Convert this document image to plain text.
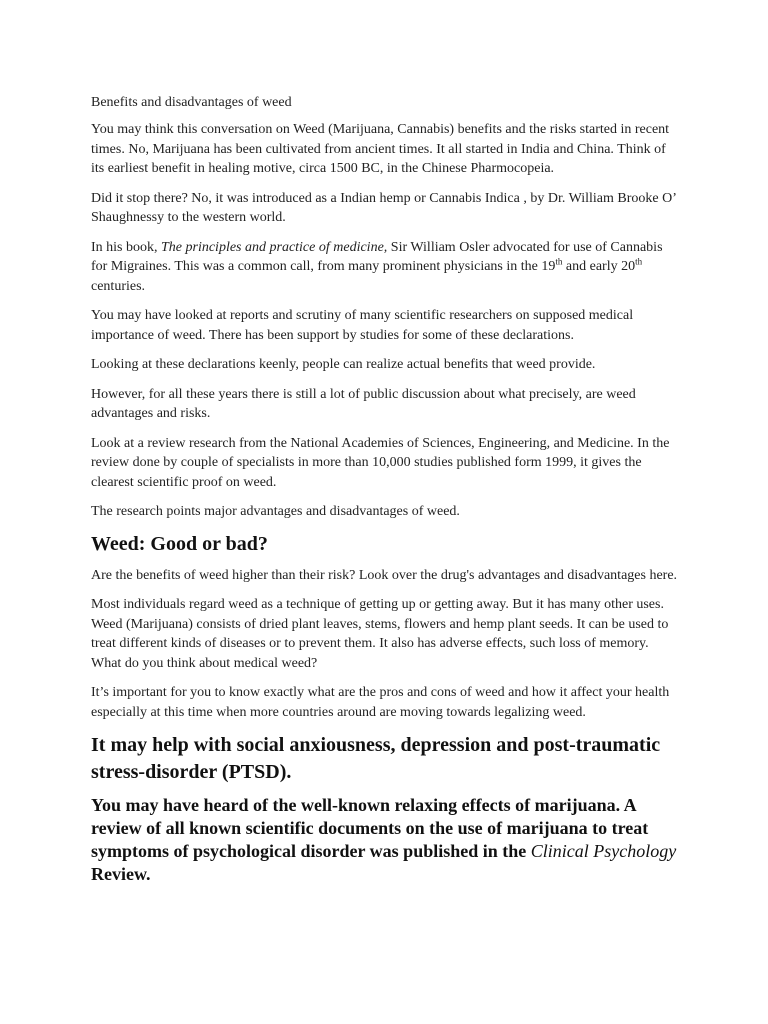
Benefits and disadvantages of weed

You may think this conversation on Weed (Marijuana, Cannabis) benefits and the risks started in recent times. No, Marijuana has been cultivated from ancient times. It all started in India and China. Think of its earliest benefit in healing motive, circa 1500 BC, in the Chinese Pharmocopeia.

Did it stop there? No, it was introduced as a Indian hemp or Cannabis Indica , by Dr. William Brooke O’ Shaughnessy to the western world.

In his book, The principles and practice of medicine, Sir William Osler advocated for use of Cannabis for Migraines. This was a common call, from many prominent physicians in the 19th and early 20th centuries.

You may have looked at reports and scrutiny of many scientific researchers on supposed medical importance of weed. There has been support by studies for some of these declarations.

Looking at these declarations keenly, people can realize actual benefits that weed provide.

However, for all these years there is still a lot of public discussion about what precisely, are weed advantages and risks.

Look at a review research from the National Academies of Sciences, Engineering, and Medicine. In the review done by couple of specialists in more than 10,000 studies published form 1999, it gives the clearest scientific proof on weed.

The research points major advantages and disadvantages of weed.

Weed: Good or bad?

Are the benefits of weed higher than their risk? Look over the drug's advantages and disadvantages here.

Most individuals regard weed as a technique of getting up or getting away. But it has many other uses. Weed (Marijuana) consists of dried plant leaves, stems, flowers and hemp plant seeds. It can be used to treat different kinds of diseases or to prevent them. It also has adverse effects, such loss of memory. What do you think about medical weed?

It’s important for you to know exactly what are the pros and cons of weed and how it affect your health especially at this time when more countries around are moving towards legalizing weed.

It may help with social anxiousness, depression and post-traumatic stress-disorder (PTSD).

You may have heard of the well-known relaxing effects of marijuana. A review of all known scientific documents on the use of marijuana to treat symptoms of psychological disorder was published in the Clinical Psychology Review.
